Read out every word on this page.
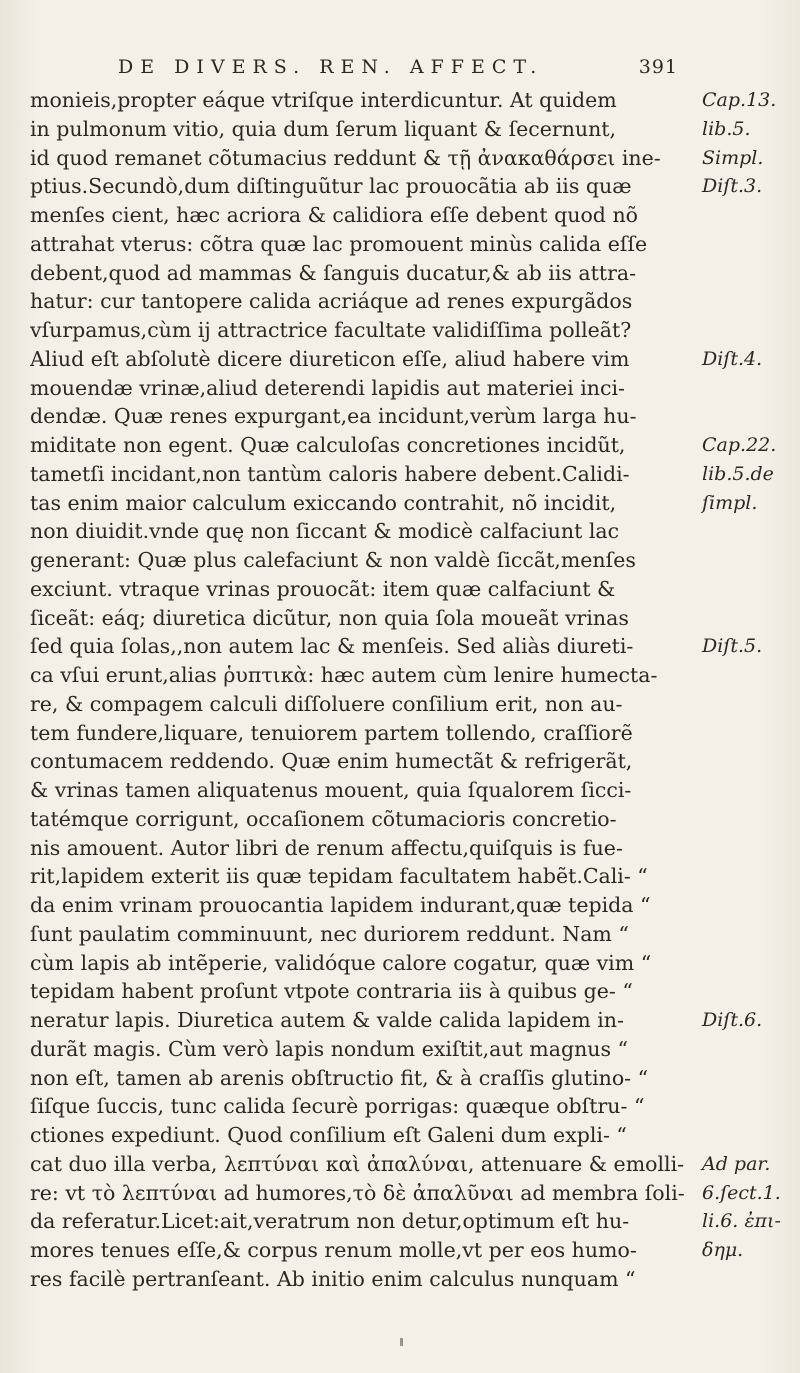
DE DIVERS. REN. AFFECT.	391
monieis,propter eáque vtriſque interdicuntur. At quidem
in pulmonum vitio, quia dum ſerum liquant & ſecernunt,
id quod remanet cõtumacius reddunt & τῇ ἀνακαθάρσει ine-
ptius.Secundò,dum diſtinguũtur lac prouocãtia ab iis quæ
menſes cient, hæc acriora & calidiora eſſe debent quod nõ
attrahat vterus: cõtra quæ lac promouent minùs calida eſſe
debent,quod ad mammas & ſanguis ducatur,& ab iis attra-
hatur: cur tantopere calida acriáque ad renes expurgãdos
vſurpamus,cùm ij attractrice facultate validiſſima polleãt?
Aliud eſt abſolutè dicere diureticon eſſe, aliud habere vim
mouendæ vrinæ,aliud deterendi lapidis aut materiei inci-
dendæ. Quæ renes expurgant,ea incidunt,verùm larga hu-
miditate non egent. Quæ calculoſas concretiones incidũt,
tametſi incidant,non tantùm caloris habere debent.Calidi-
tas enim maior calculum exiccando contrahit, nõ incidit,
non diuidit.vnde quę non ſiccant & modicè calfaciunt lac
generant: Quæ plus calefaciunt & non valdè ſiccãt,menſes
exciunt. vtraque vrinas prouocãt: item quæ calfaciunt &
ſiceãt: eáq; diuretica dicũtur, non quia ſola moueãt vrinas
ſed quia ſolas,,non autem lac & menſeis. Sed aliàs diureti-
ca vſui erunt,alias ῥυπτικὰ: hæc autem cùm lenire humecta-
re, & compagem calculi diſſoluere conſilium erit, non au-
tem fundere,liquare, tenuiorem partem tollendo, craſſiorẽ
contumacem reddendo. Quæ enim humectãt & refrigerãt,
& vrinas tamen aliquatenus mouent, quia ſqualorem ſicci-
tatémque corrigunt, occaſionem cõtumacioris concretio-
nis amouent. Autor libri de renum affectu,quiſquis is fue-
rit,lapidem exterit iis quæ tepidam facultatem habẽt.Cali- “
da enim vrinam prouocantia lapidem indurant,quæ tepida “
ſunt paulatim comminuunt, nec duriorem reddunt. Nam “
cùm lapis ab intẽperie, validóque calore cogatur, quæ vim “
tepidam habent proſunt vtpote contraria iis à quibus ge- “
neratur lapis. Diuretica autem & valde calida lapidem in-
durãt magis. Cùm verò lapis nondum exiſtit,aut magnus “
non eſt, tamen ab arenis obſtructio fit, & à craſſis glutino- “
ſiſque ſuccis, tunc calida ſecurè porrigas: quæque obſtru- “
ctiones expediunt. Quod conſilium eſt Galeni dum expli- “
cat duo illa verba, λεπτύναι καὶ ἀπαλύναι, attenuare & emolli-
re: vt τὸ λεπτύναι ad humores,τὸ δὲ ἀπαλῦναι ad membra ſoli-
da referatur.Licet:ait,veratrum non detur,optimum eſt hu-
mores tenues eſſe,& corpus renum molle,vt per eos humo-
res facilè pertranſeant. Ab initio enim calculus nunquam “
Cap.13.
lib.5.
Simpl.
Diſt.3.
Diſt.4.
Cap.22.
lib.5.de
ſimpl.
Diſt.5.
Diſt.6.
Ad par.
6.ſect.1.
li.6. ἐπι-
δημ.
